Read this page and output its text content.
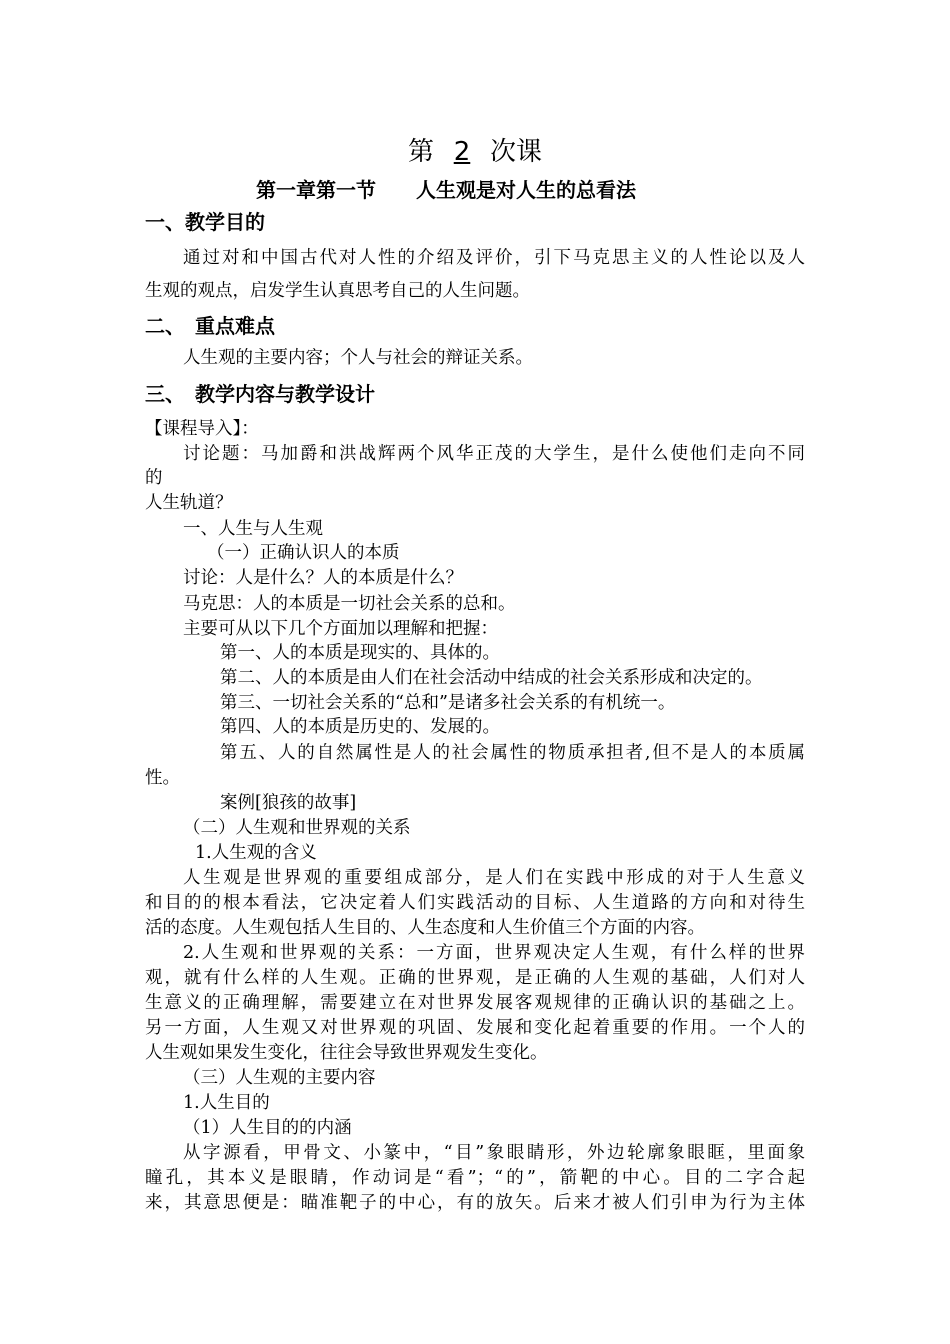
第 2 次课
第一章第一节　　人生观是对人生的总看法
一、教学目的
通过对和中国古代对人性的介绍及评价，引下马克思主义的人性论以及人
生观的观点，启发学生认真思考自己的人生问题。
二、　重点难点
人生观的主要内容；个人与社会的辩证关系。
三、　教学内容与教学设计
【课程导入】：
讨论题：马加爵和洪战辉两个风华正茂的大学生，是什么使他们走向不同
的
人生轨道？
一、人生与人生观
（一）正确认识人的本质
讨论：人是什么？人的本质是什么？
马克思：人的本质是一切社会关系的总和。
主要可从以下几个方面加以理解和把握：
第一、人的本质是现实的、具体的。
第二、人的本质是由人们在社会活动中结成的社会关系形成和决定的。
第三、一切社会关系的“总和”是诸多社会关系的有机统一。
第四、人的本质是历史的、发展的。
第五、人的自然属性是人的社会属性的物质承担者,但不是人的本质属
性。
案例[狼孩的故事]
（二）人生观和世界观的关系
1.人生观的含义
人生观是世界观的重要组成部分，是人们在实践中形成的对于人生意义
和目的的根本看法，它决定着人们实践活动的目标、人生道路的方向和对待生
活的态度。人生观包括人生目的、人生态度和人生价值三个方面的内容。
2.人生观和世界观的关系：一方面，世界观决定人生观，有什么样的世界
观，就有什么样的人生观。正确的世界观，是正确的人生观的基础，人们对人
生意义的正确理解，需要建立在对世界发展客观规律的正确认识的基础之上。
另一方面，人生观又对世界观的巩固、发展和变化起着重要的作用。一个人的
人生观如果发生变化，往往会导致世界观发生变化。
（三）人生观的主要内容
1.人生目的
（1）人生目的的内涵
从字源看，甲骨文、小篆中，“目”象眼睛形，外边轮廓象眼眶，里面象
瞳孔，其本义是眼睛，作动词是“看”；“的”，箭靶的中心。目的二字合起
来，其意思便是：瞄准靶子的中心，有的放矢。后来才被人们引申为行为主体
